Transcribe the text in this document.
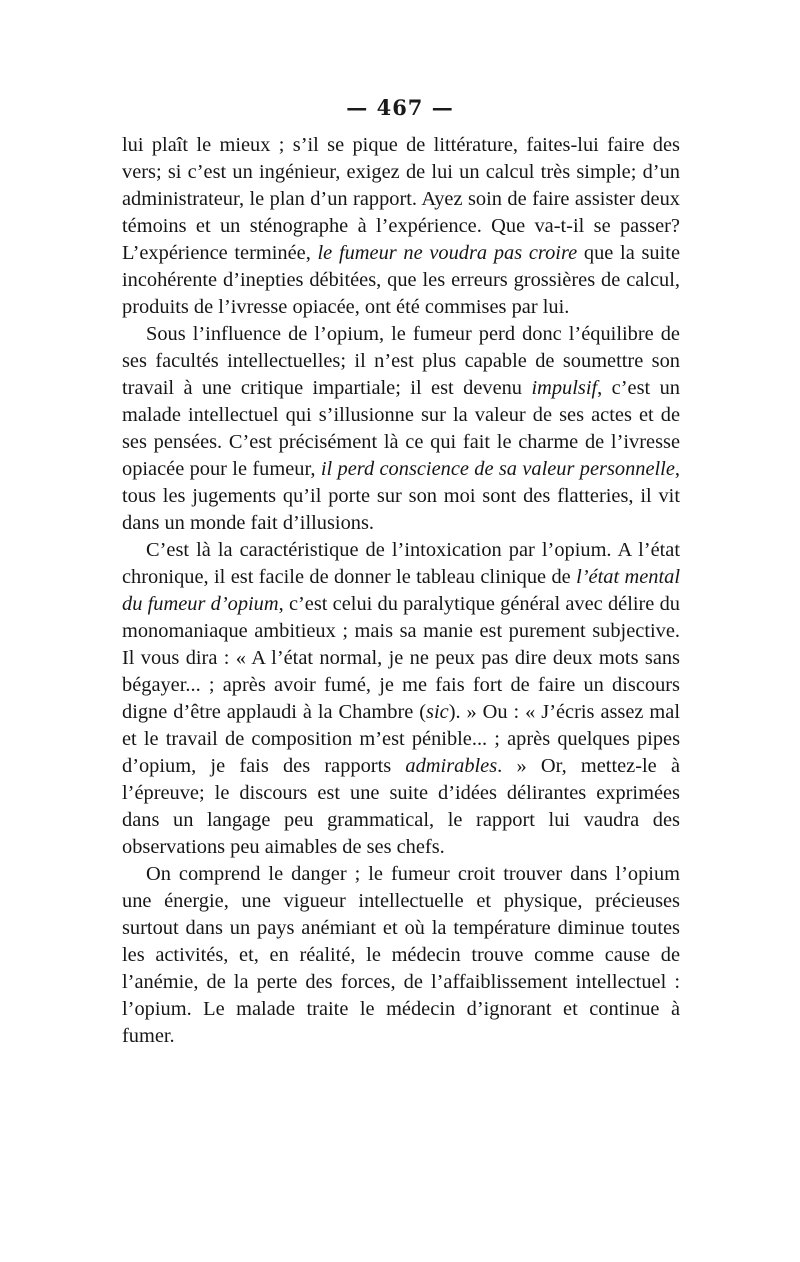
— 467 —

lui plaît le mieux ; s’il se pique de littérature, faites-lui faire des vers; si c’est un ingénieur, exigez de lui un calcul très simple; d’un administrateur, le plan d’un rapport. Ayez soin de faire assister deux témoins et un sténographe à l’expérience. Que va-t-il se passer? L’expérience terminée, le fumeur ne voudra pas croire que la suite incohérente d’inepties débitées, que les erreurs grossières de calcul, produits de l’ivresse opiacée, ont été commises par lui.

Sous l’influence de l’opium, le fumeur perd donc l’équilibre de ses facultés intellectuelles; il n’est plus capable de soumettre son travail à une critique impartiale; il est devenu impulsif, c’est un malade intellectuel qui s’illusionne sur la valeur de ses actes et de ses pensées. C’est précisément là ce qui fait le charme de l’ivresse opiacée pour le fumeur, il perd conscience de sa valeur personnelle, tous les jugements qu’il porte sur son moi sont des flatteries, il vit dans un monde fait d’illusions.

C’est là la caractéristique de l’intoxication par l’opium. A l’état chronique, il est facile de donner le tableau clinique de l’état mental du fumeur d’opium, c’est celui du paralytique général avec délire du monomaniaque ambitieux ; mais sa manie est purement subjective. Il vous dira : « A l’état normal, je ne peux pas dire deux mots sans bégayer... ; après avoir fumé, je me fais fort de faire un discours digne d’être applaudi à la Chambre (sic). » Ou : « J’écris assez mal et le travail de composition m’est pénible... ; après quelques pipes d’opium, je fais des rapports admirables. » Or, mettez-le à l’épreuve; le discours est une suite d’idées délirantes exprimées dans un langage peu grammatical, le rapport lui vaudra des observations peu aimables de ses chefs.

On comprend le danger ; le fumeur croit trouver dans l’opium une énergie, une vigueur intellectuelle et physique, précieuses surtout dans un pays anémiant et où la température diminue toutes les activités, et, en réalité, le médecin trouve comme cause de l’anémie, de la perte des forces, de l’affaiblissement intellectuel : l’opium. Le malade traite le médecin d’ignorant et continue à fumer.
